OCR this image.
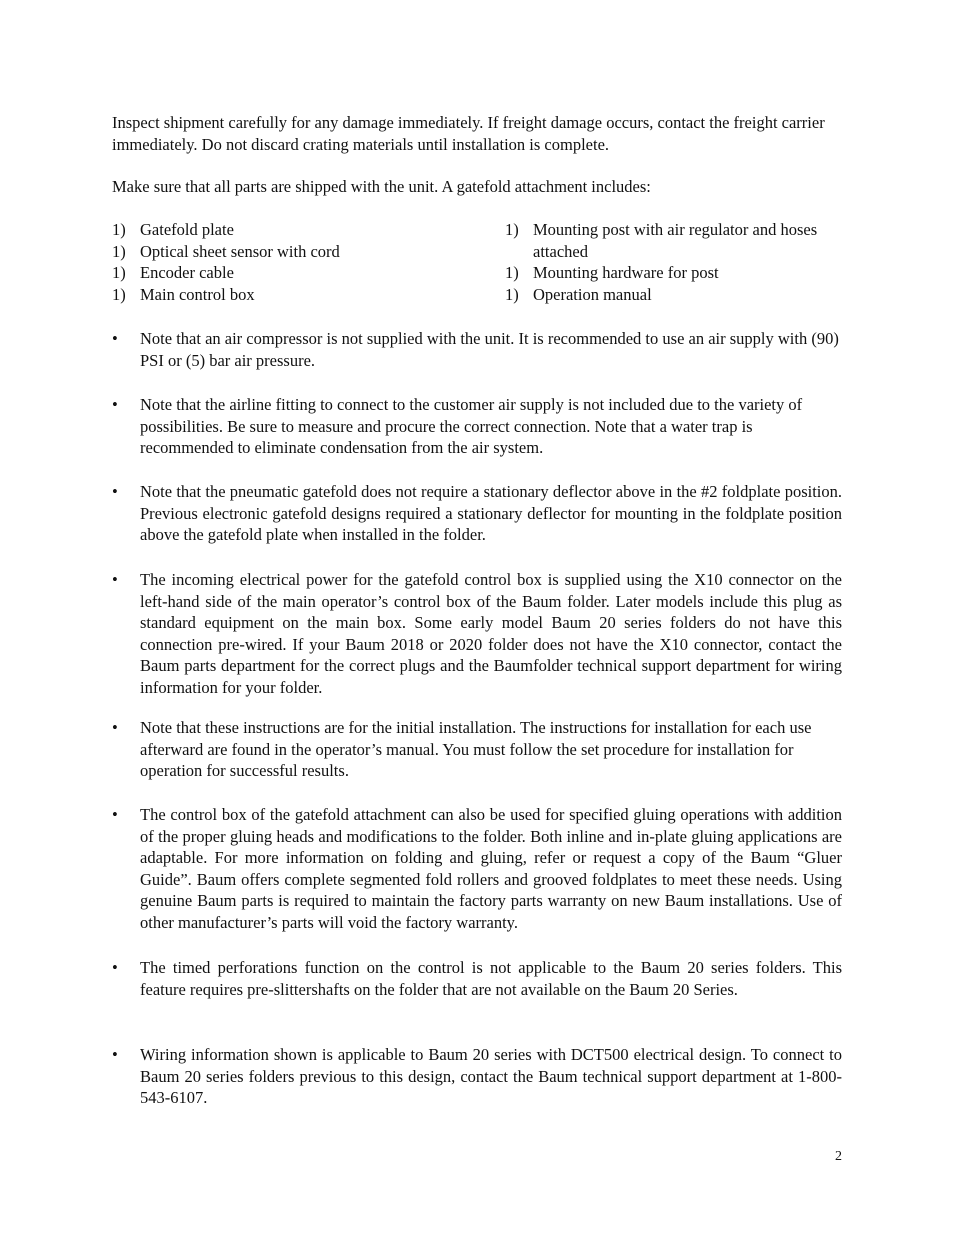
Inspect shipment carefully for any damage immediately. If freight damage occurs, contact the freight carrier immediately. Do not discard crating materials until installation is complete.

Make sure that all parts are shipped with the unit. A gatefold attachment includes:

1) Gatefold plate
1) Optical sheet sensor with cord
1) Encoder cable
1) Main control box
1) Mounting post with air regulator and hoses attached
1) Mounting hardware for post
1) Operation manual
•	Note that an air compressor is not supplied with the unit. It is recommended to use an air supply with (90) PSI or (5) bar air pressure.
•	Note that the airline fitting to connect to the customer air supply is not included due to the variety of possibilities. Be sure to measure and procure the correct connection. Note that a water trap is recommended to eliminate condensation from the air system.
•	Note that the pneumatic gatefold does not require a stationary deflector above in the #2 foldplate position. Previous electronic gatefold designs required a stationary deflector for mounting in the foldplate position above the gatefold plate when installed in the folder.
•	The incoming electrical power for the gatefold control box is supplied using the X10 connector on the left-hand side of the main operator’s control box of the Baum folder. Later models include this plug as standard equipment on the main box. Some early model Baum 20 series folders do not have this connection pre-wired. If your Baum 2018 or 2020 folder does not have the X10 connector, contact the Baum parts department for the correct plugs and the Baumfolder technical support department for wiring information for your folder.
•	Note that these instructions are for the initial installation. The instructions for installation for each use afterward are found in the operator’s manual. You must follow the set procedure for installation for operation for successful results.
•	The control box of the gatefold attachment can also be used for specified gluing operations with addition of the proper gluing heads and modifications to the folder. Both inline and in-plate gluing applications are adaptable. For more information on folding and gluing, refer or request a copy of the Baum “Gluer Guide”. Baum offers complete segmented fold rollers and grooved foldplates to meet these needs. Using genuine Baum parts is required to maintain the factory parts warranty on new Baum installations. Use of other manufacturer’s parts will void the factory warranty.
•	The timed perforations function on the control is not applicable to the Baum 20 series folders. This feature requires pre-slittershafts on the folder that are not available on the Baum 20 Series.
•	Wiring information shown is applicable to Baum 20 series with DCT500 electrical design. To connect to Baum 20 series folders previous to this design, contact the Baum technical support department at 1-800-543-6107.
2
